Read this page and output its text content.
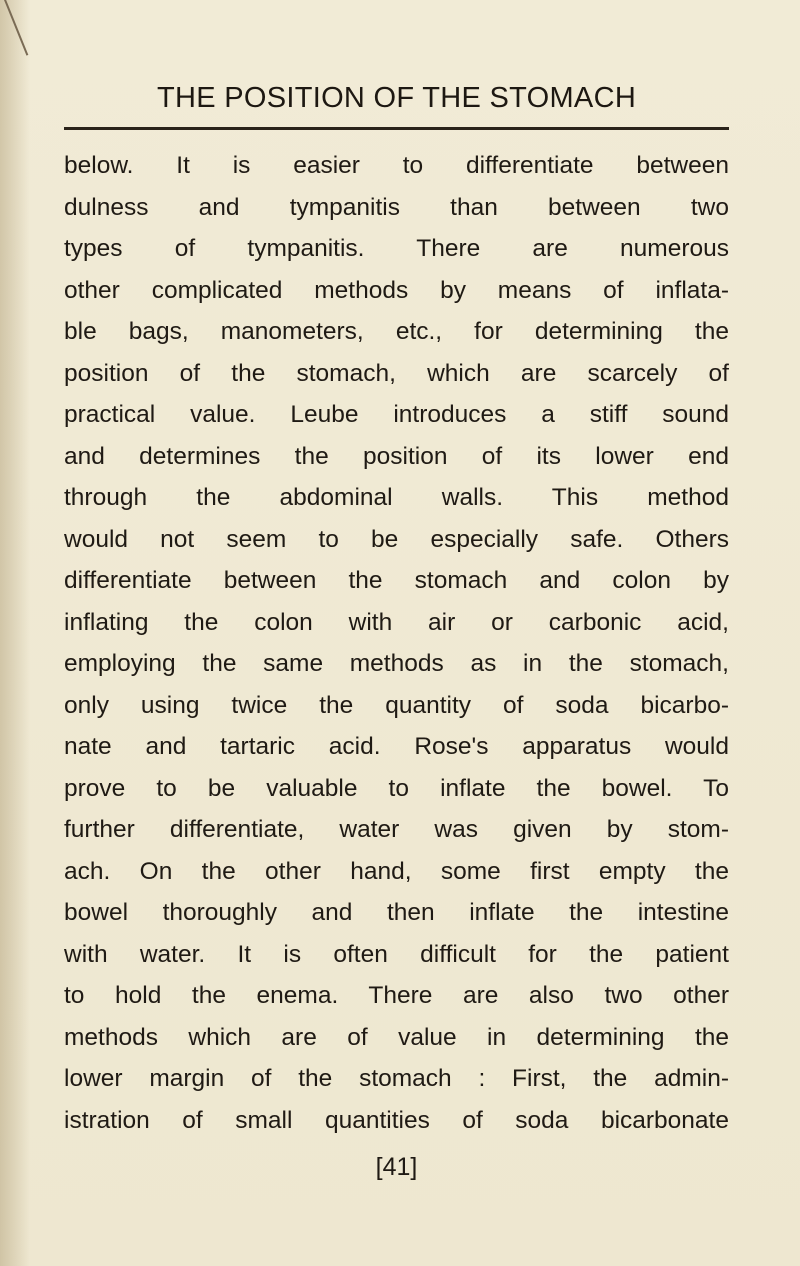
THE POSITION OF THE STOMACH
below. It is easier to differentiate between
dulness and tympanitis than between two
types of tympanitis. There are numerous
other complicated methods by means of inflata-
ble bags, manometers, etc., for determining the
position of the stomach, which are scarcely of
practical value. Leube introduces a stiff sound
and determines the position of its lower end
through the abdominal walls. This method
would not seem to be especially safe. Others
differentiate between the stomach and colon by
inflating the colon with air or carbonic acid,
employing the same methods as in the stomach,
only using twice the quantity of soda bicarbo-
nate and tartaric acid. Rose's apparatus would
prove to be valuable to inflate the bowel. To
further differentiate, water was given by stom-
ach. On the other hand, some first empty the
bowel thoroughly and then inflate the intestine
with water. It is often difficult for the patient
to hold the enema. There are also two other
methods which are of value in determining the
lower margin of the stomach : First, the admin-
istration of small quantities of soda bicarbonate
[41]
